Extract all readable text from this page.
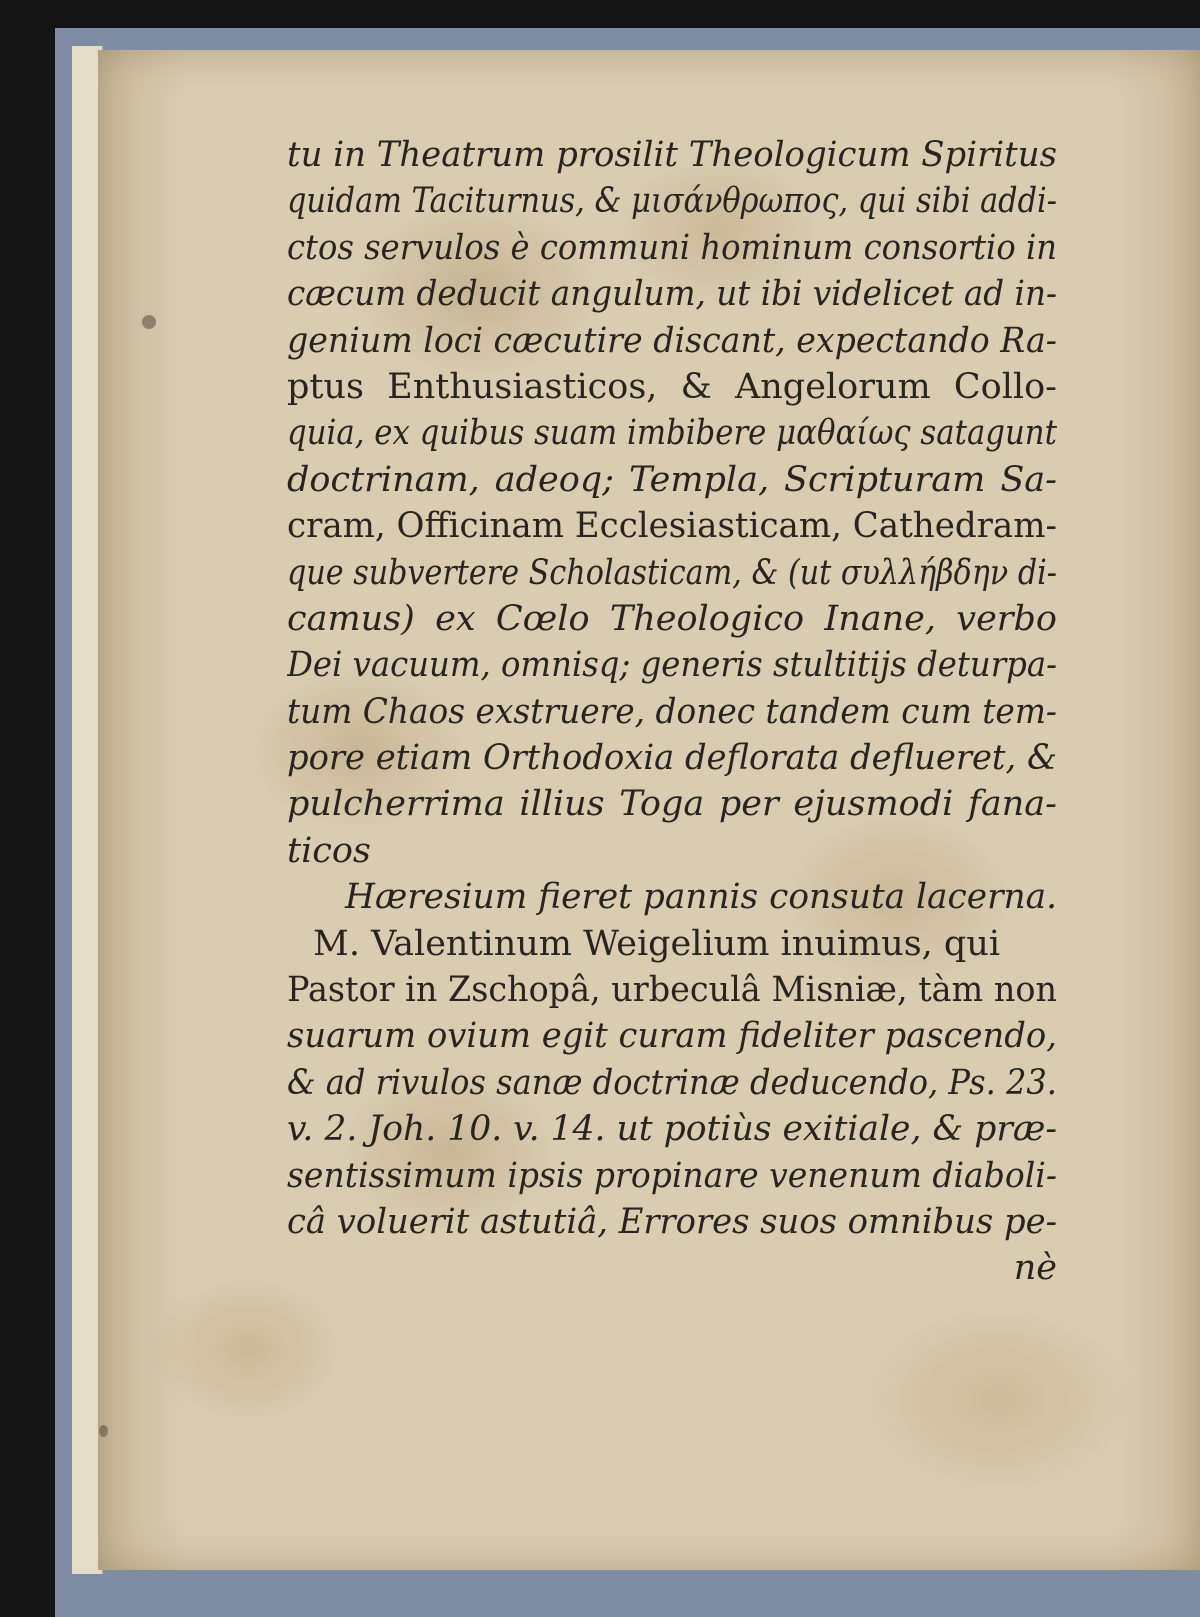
tu in Theatrum prosilit Theologicum Spiritus
quidam Taciturnus, & μισάνθρωπος, qui sibi addi-
ctos servulos è communi hominum consortio in
cæcum deducit angulum, ut ibi videlicet ad in-
genium loci cæcutire discant, expectando Ra-
ptus Enthusiasticos, & Angelorum Collo-
quia, ex quibus suam imbibere μαθαίως satagunt
doctrinam, adeoq; Templa, Scripturam Sa-
cram, Officinam Ecclesiasticam, Cathedram-
que subvertere Scholasticam, & (ut συλλήβδην di-
camus) ex Cœlo Theologico Inane, verbo
Dei vacuum, omnisq; generis stultitijs deturpa-
tum Chaos exstruere, donec tandem cum tem-
pore etiam Orthodoxia deflorata deflueret, &
pulcherrima illius Toga per ejusmodi fana-
ticos
Hæresium fieret pannis consuta lacerna.
M. Valentinum Weigelium inuimus, qui
Pastor in Zschopâ, urbeculâ Misniæ, tàm non
suarum ovium egit curam fideliter pascendo,
& ad rivulos sanæ doctrinæ deducendo, Ps. 23.
v. 2. Joh. 10. v. 14. ut potiùs exitiale, & præ-
sentissimum ipsis propinare venenum diaboli-
câ voluerit astutiâ, Errores suos omnibus pe-
nè
